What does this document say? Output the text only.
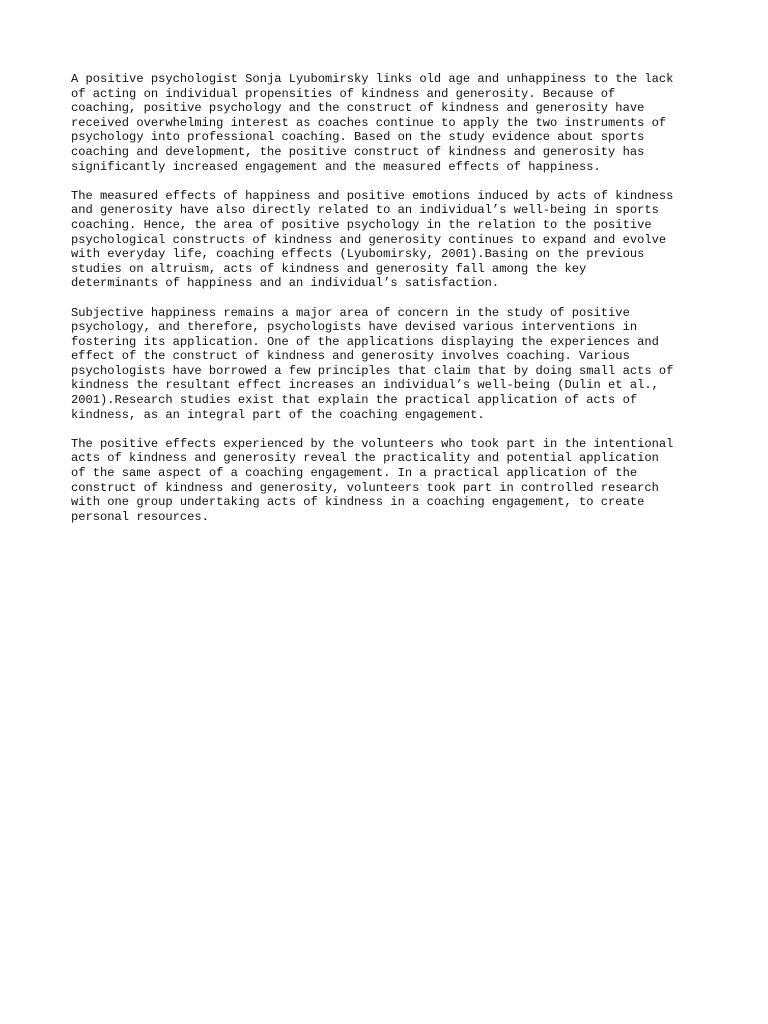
A positive psychologist Sonja Lyubomirsky links old age and unhappiness to the lack
of acting on individual propensities of kindness and generosity. Because of
coaching, positive psychology and the construct of kindness and generosity have
received overwhelming interest as coaches continue to apply the two instruments of
psychology into professional coaching. Based on the study evidence about sports
coaching and development, the positive construct of kindness and generosity has
significantly increased engagement and the measured effects of happiness.

The measured effects of happiness and positive emotions induced by acts of kindness
and generosity have also directly related to an individual’s well-being in sports
coaching. Hence, the area of positive psychology in the relation to the positive
psychological constructs of kindness and generosity continues to expand and evolve
with everyday life, coaching effects (Lyubomirsky, 2001).Basing on the previous
studies on altruism, acts of kindness and generosity fall among the key
determinants of happiness and an individual’s satisfaction.

Subjective happiness remains a major area of concern in the study of positive
psychology, and therefore, psychologists have devised various interventions in
fostering its application. One of the applications displaying the experiences and
effect of the construct of kindness and generosity involves coaching. Various
psychologists have borrowed a few principles that claim that by doing small acts of
kindness the resultant effect increases an individual’s well-being (Dulin et al.,
2001).Research studies exist that explain the practical application of acts of
kindness, as an integral part of the coaching engagement.

The positive effects experienced by the volunteers who took part in the intentional
acts of kindness and generosity reveal the practicality and potential application
of the same aspect of a coaching engagement. In a practical application of the
construct of kindness and generosity, volunteers took part in controlled research
with one group undertaking acts of kindness in a coaching engagement, to create
personal resources.
